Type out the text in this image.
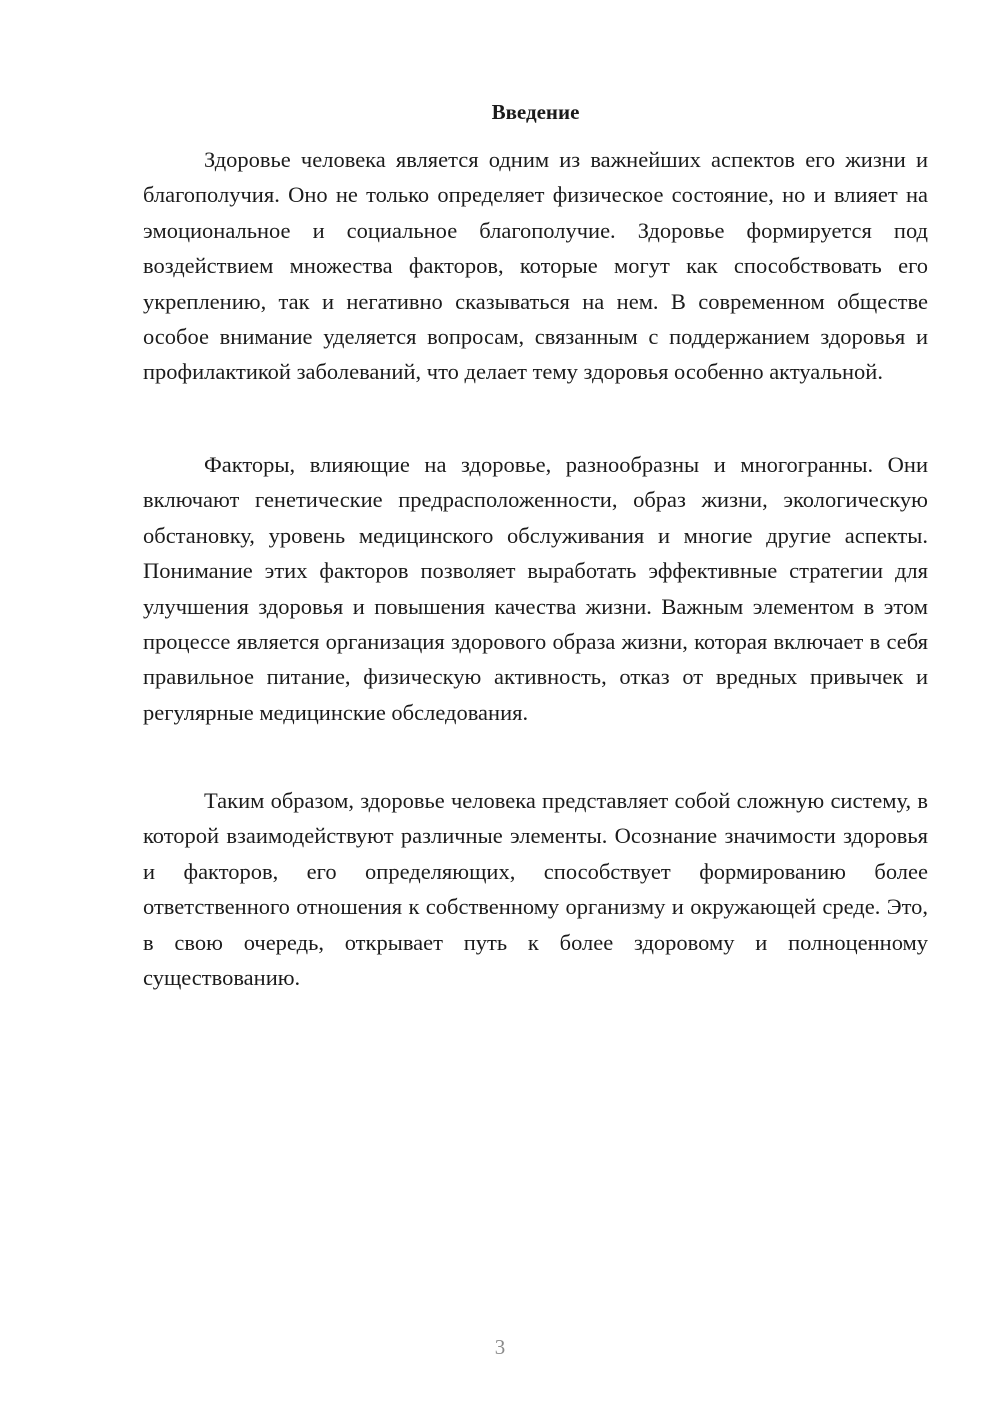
Введение

Здоровье человека является одним из важнейших аспектов его жизни и благополучия. Оно не только определяет физическое состояние, но и влияет на эмоциональное и социальное благополучие. Здоровье формируется под воздействием множества факторов, которые могут как способствовать его укреплению, так и негативно сказываться на нем. В современном обществе особое внимание уделяется вопросам, связанным с поддержанием здоровья и профилактикой заболеваний, что делает тему здоровья особенно актуальной.

Факторы, влияющие на здоровье, разнообразны и многогранны. Они включают генетические предрасположенности, образ жизни, экологическую обстановку, уровень медицинского обслуживания и многие другие аспекты. Понимание этих факторов позволяет выработать эффективные стратегии для улучшения здоровья и повышения качества жизни. Важным элементом в этом процессе является организация здорового образа жизни, которая включает в себя правильное питание, физическую активность, отказ от вредных привычек и регулярные медицинские обследования.

Таким образом, здоровье человека представляет собой сложную систему, в которой взаимодействуют различные элементы. Осознание значимости здоровья и факторов, его определяющих, способствует формированию более ответственного отношения к собственному организму и окружающей среде. Это, в свою очередь, открывает путь к более здоровому и полноценному существованию.

3
